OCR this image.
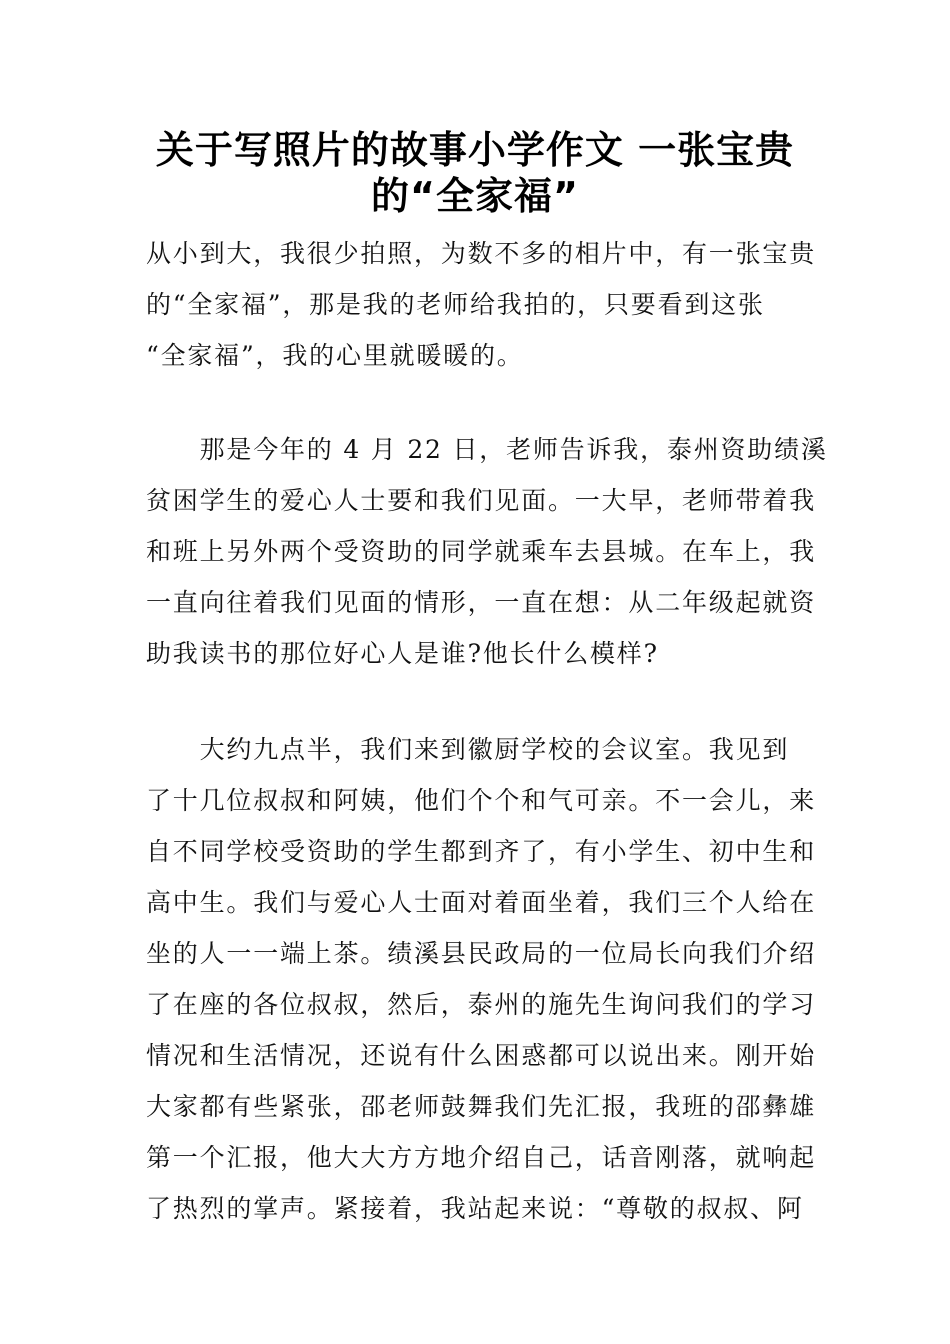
关于写照片的故事小学作文 一张宝贵
的“全家福”
从小到大，我很少拍照，为数不多的相片中，有一张宝贵
的“全家福”，那是我的老师给我拍的，只要看到这张
“全家福”，我的心里就暖暖的。
　　那是今年的 4 月 22 日，老师告诉我，泰州资助绩溪
贫困学生的爱心人士要和我们见面。一大早，老师带着我
和班上另外两个受资助的同学就乘车去县城。在车上，我
一直向往着我们见面的情形，一直在想：从二年级起就资
助我读书的那位好心人是谁?他长什么模样?
　　大约九点半，我们来到徽厨学校的会议室。我见到
了十几位叔叔和阿姨，他们个个和气可亲。不一会儿，来
自不同学校受资助的学生都到齐了，有小学生、初中生和
高中生。我们与爱心人士面对着面坐着，我们三个人给在
坐的人一一端上茶。绩溪县民政局的一位局长向我们介绍
了在座的各位叔叔，然后，泰州的施先生询问我们的学习
情况和生活情况，还说有什么困惑都可以说出来。刚开始
大家都有些紧张，邵老师鼓舞我们先汇报，我班的邵彝雄
第一个汇报，他大大方方地介绍自己，话音刚落，就响起
了热烈的掌声。紧接着，我站起来说：“尊敬的叔叔、阿
